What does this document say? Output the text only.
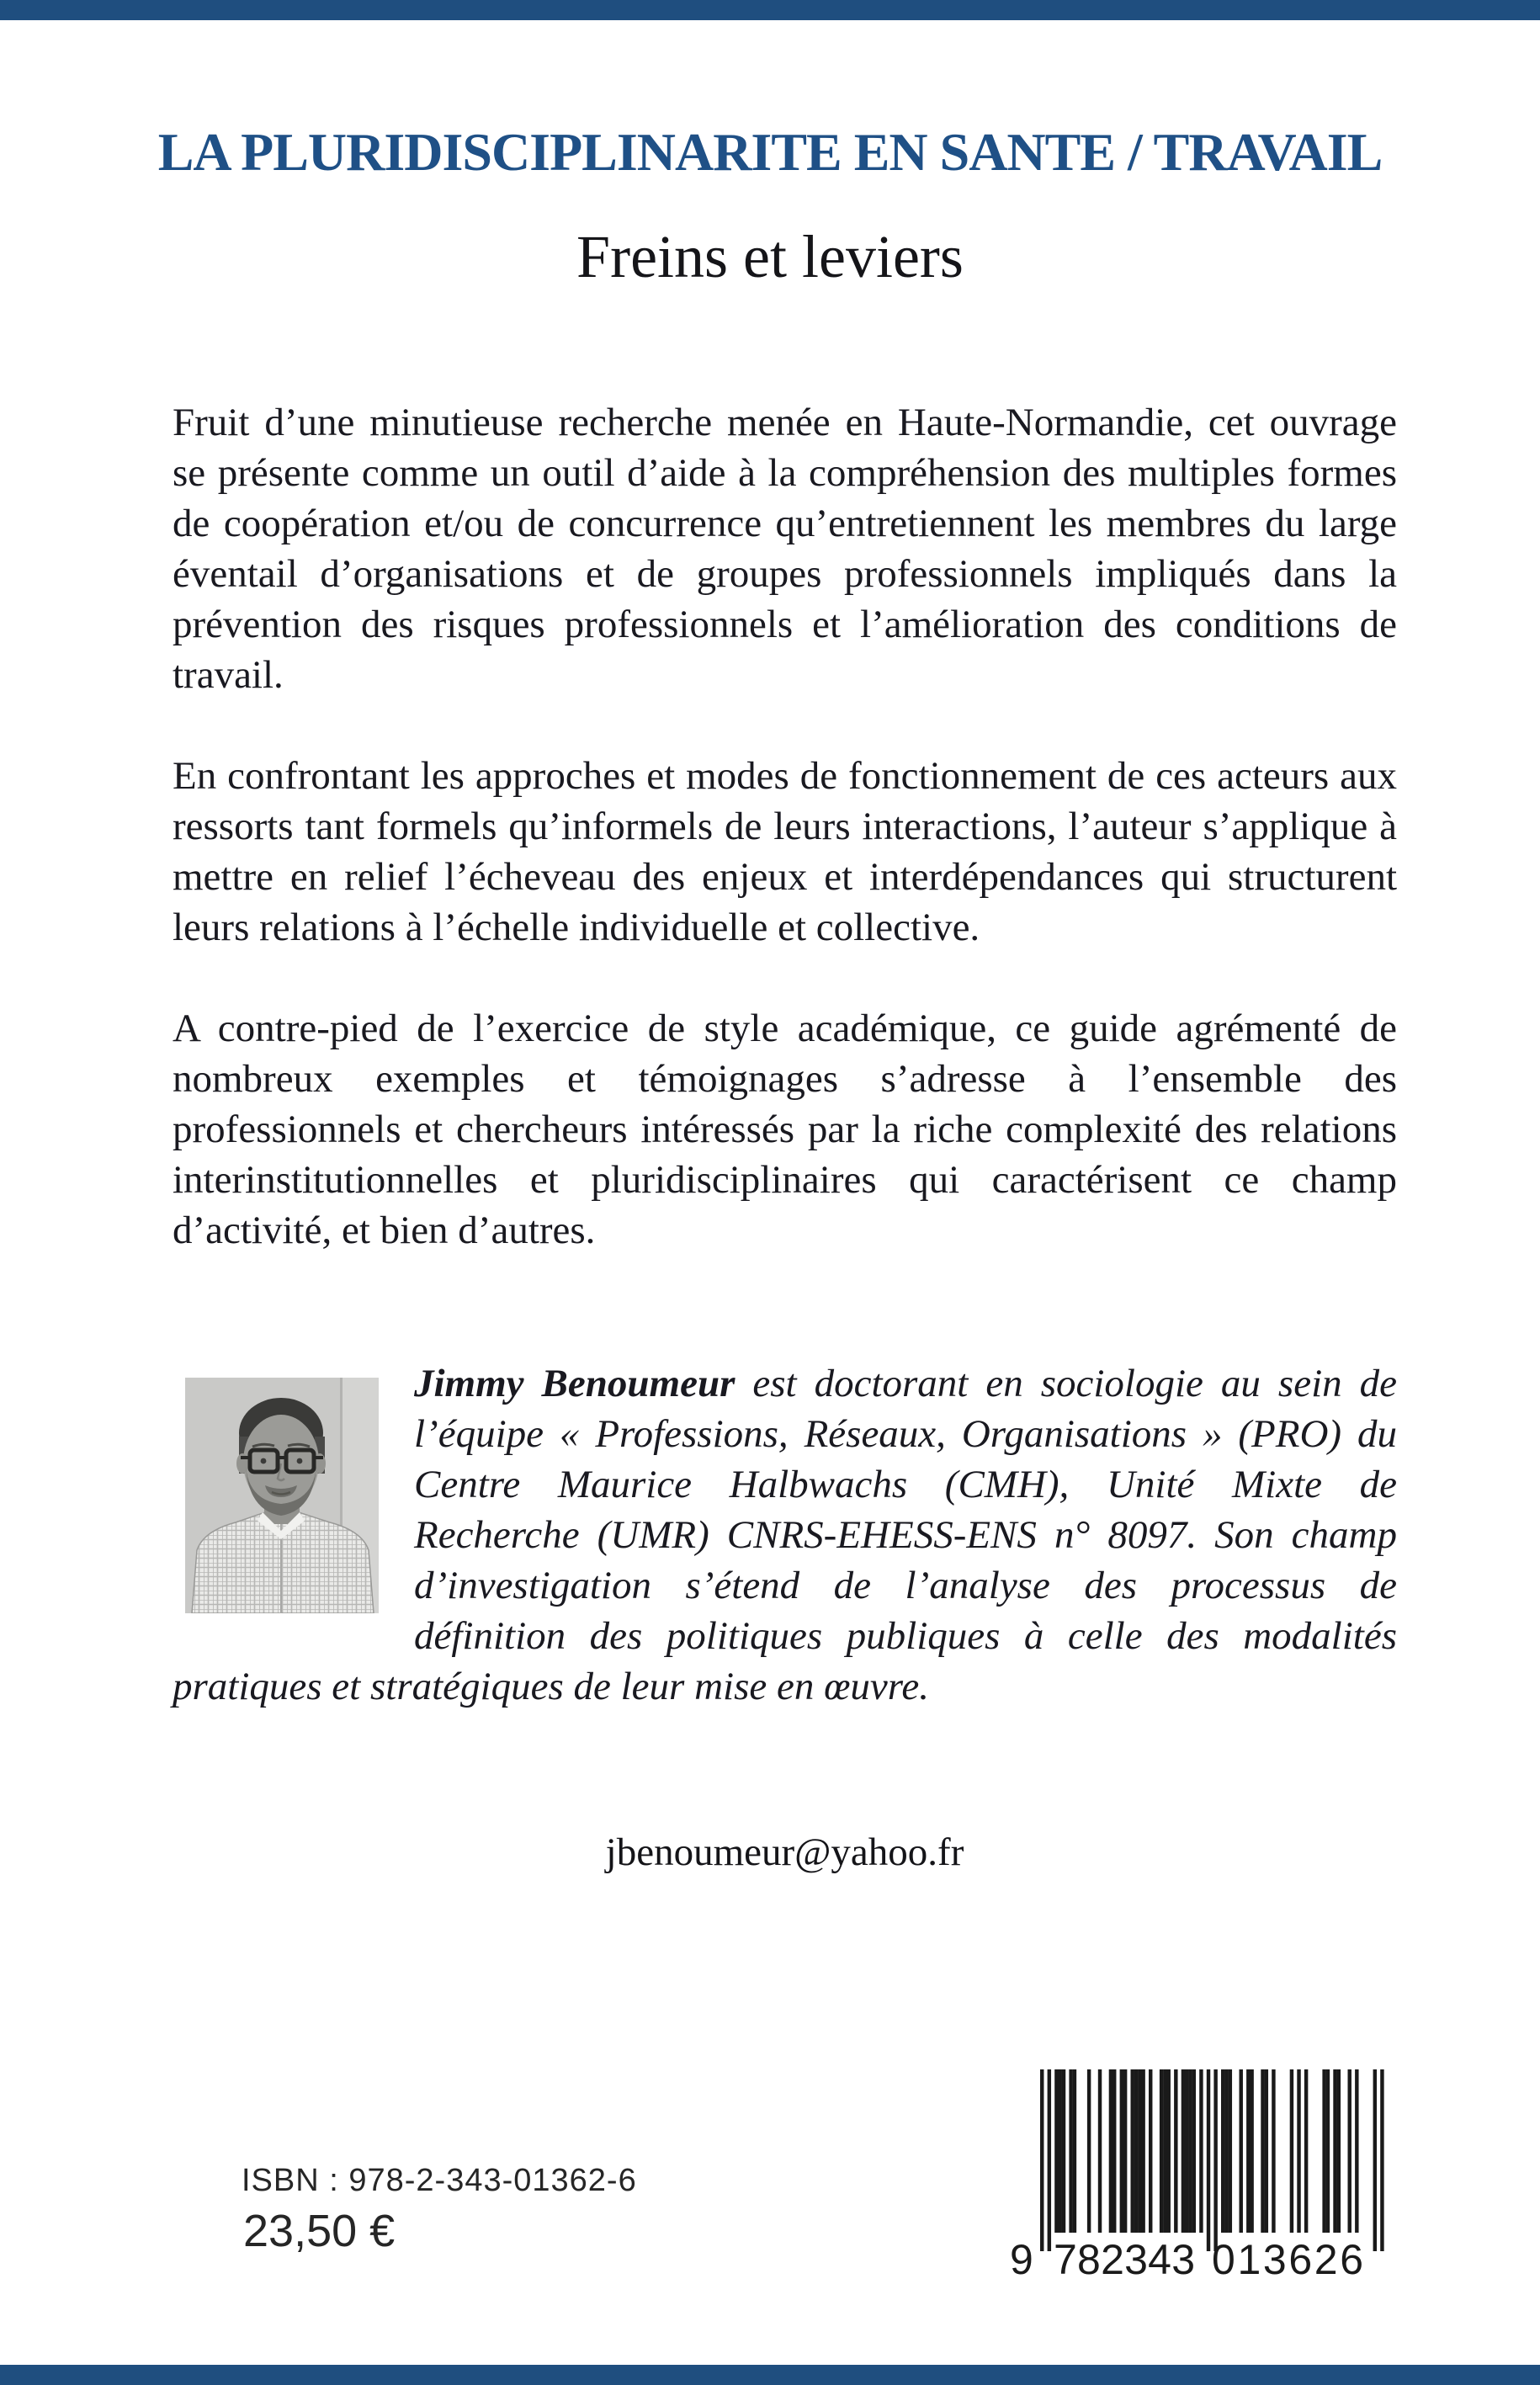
LA PLURIDISCIPLINARITE EN SANTE / TRAVAIL
Freins et leviers

Fruit d’une minutieuse recherche menée en Haute-Normandie, cet ouvrage se présente comme un outil d’aide à la compréhension des multiples formes de coopération et/ou de concurrence qu’entretiennent les membres du large éventail d’organisations et de groupes professionnels impliqués dans la prévention des risques professionnels et l’amélioration des conditions de travail.

En confrontant les approches et modes de fonctionnement de ces acteurs aux ressorts tant formels qu’informels de leurs interactions, l’auteur s’applique à mettre en relief l’écheveau des enjeux et interdépendances qui structurent leurs relations à l’échelle individuelle et collective.

A contre-pied de l’exercice de style académique, ce guide agrémenté de nombreux exemples et témoignages s’adresse à l’ensemble des professionnels et chercheurs intéressés par la riche complexité des relations interinstitutionnelles et pluridisciplinaires qui caractérisent ce champ d’activité, et bien d’autres.

Jimmy Benoumeur est doctorant en sociologie au sein de l’équipe « Professions, Réseaux, Organisations » (PRO) du Centre Maurice Halbwachs (CMH), Unité Mixte de Recherche (UMR) CNRS-EHESS-ENS n° 8097. Son champ d’investigation s’étend de l’analyse des processus de définition des politiques publiques à celle des modalités pratiques et stratégiques de leur mise en œuvre.
jbenoumeur@yahoo.fr
ISBN : 978-2-343-01362-6
23,50 €
9 782343 013626
